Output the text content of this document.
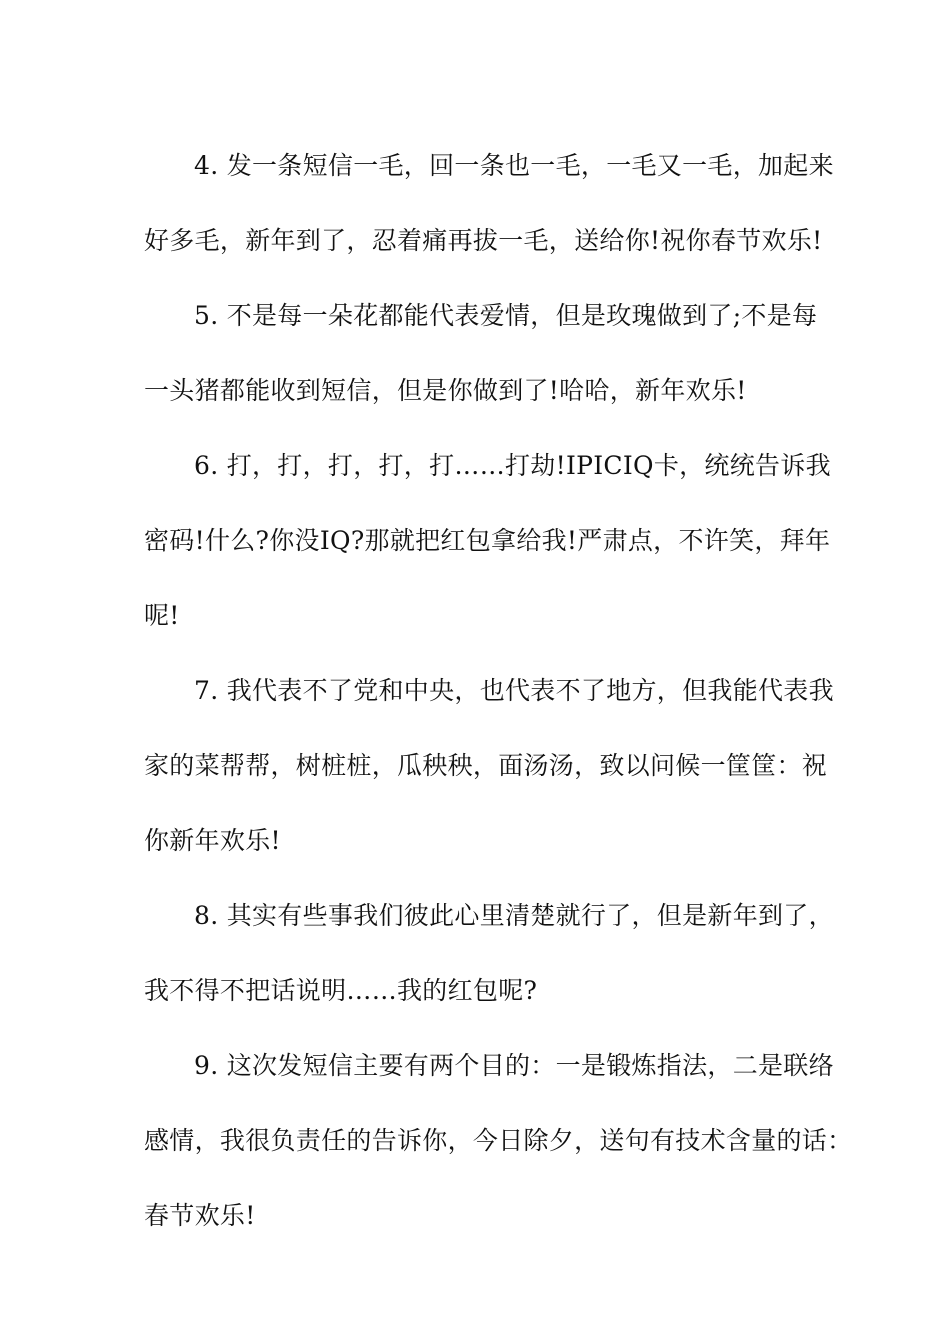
4. 发一条短信一毛，回一条也一毛，一毛又一毛，加起来
好多毛，新年到了，忍着痛再拔一毛，送给你!祝你春节欢乐!

5. 不是每一朵花都能代表爱情，但是玫瑰做到了;不是每
一头猪都能收到短信，但是你做到了!哈哈，新年欢乐!

6. 打，打，打，打，打……打劫!IPICIQ卡，统统告诉我
密码!什么?你没IQ?那就把红包拿给我!严肃点，不许笑，拜年
呢!

7. 我代表不了党和中央，也代表不了地方，但我能代表我
家的菜帮帮，树桩桩，瓜秧秧，面汤汤，致以问候一筐筐：祝
你新年欢乐!

8. 其实有些事我们彼此心里清楚就行了，但是新年到了，
我不得不把话说明……我的红包呢?

9. 这次发短信主要有两个目的：一是锻炼指法，二是联络
感情，我很负责任的告诉你，今日除夕，送句有技术含量的话：
春节欢乐!
